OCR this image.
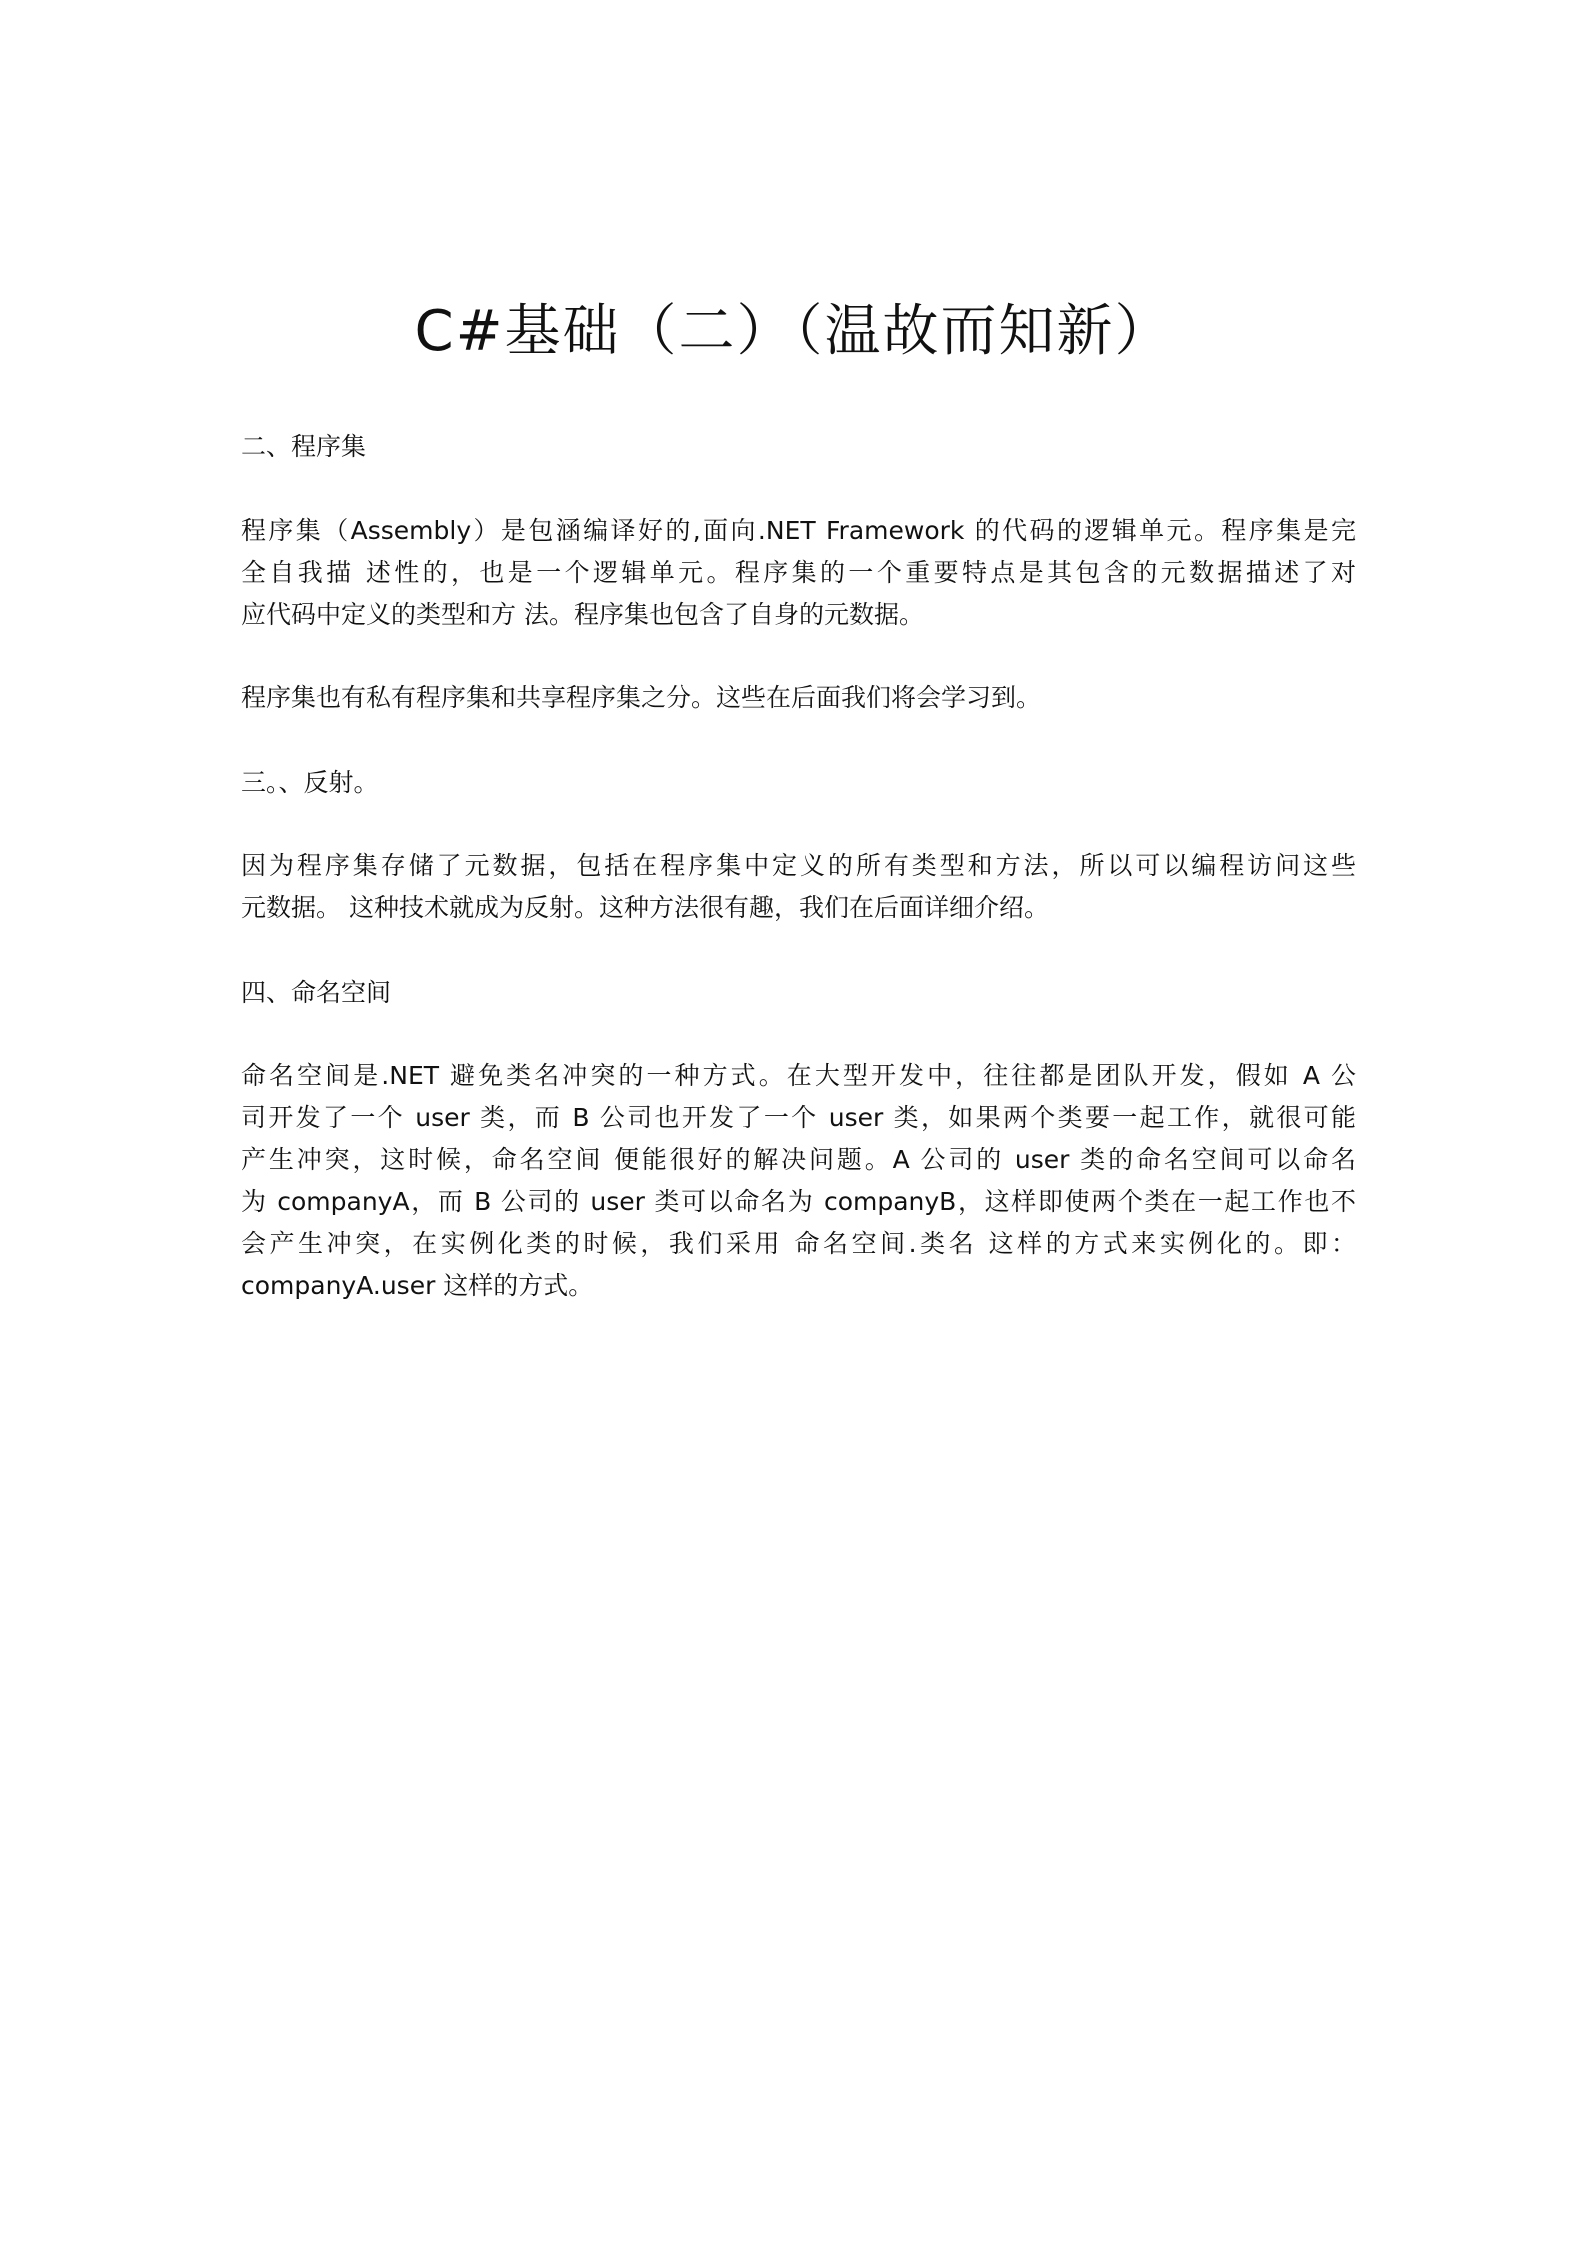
C#基础（二）（温故而知新）
二、程序集
程序集（Assembly）是包涵编译好的,面向.NET Framework 的代码的逻辑单元。程序集是完
全自我描 述性的，也是一个逻辑单元。程序集的一个重要特点是其包含的元数据描述了对
应代码中定义的类型和方 法。程序集也包含了自身的元数据。
程序集也有私有程序集和共享程序集之分。这些在后面我们将会学习到。
三。、反射。
因为程序集存储了元数据，包括在程序集中定义的所有类型和方法，所以可以编程访问这些
元数据。 这种技术就成为反射。这种方法很有趣，我们在后面详细介绍。
四、命名空间
命名空间是.NET 避免类名冲突的一种方式。在大型开发中，往往都是团队开发，假如 A 公
司开发了一个 user 类，而 B 公司也开发了一个 user 类，如果两个类要一起工作，就很可能
产生冲突，这时候，命名空间 便能很好的解决问题。A 公司的 user 类的命名空间可以命名
为 companyA，而 B 公司的 user 类可以命名为 companyB，这样即使两个类在一起工作也不
会产生冲突，在实例化类的时候，我们采用 命名空间.类名 这样的方式来实例化的。即：
companyA.user 这样的方式。
